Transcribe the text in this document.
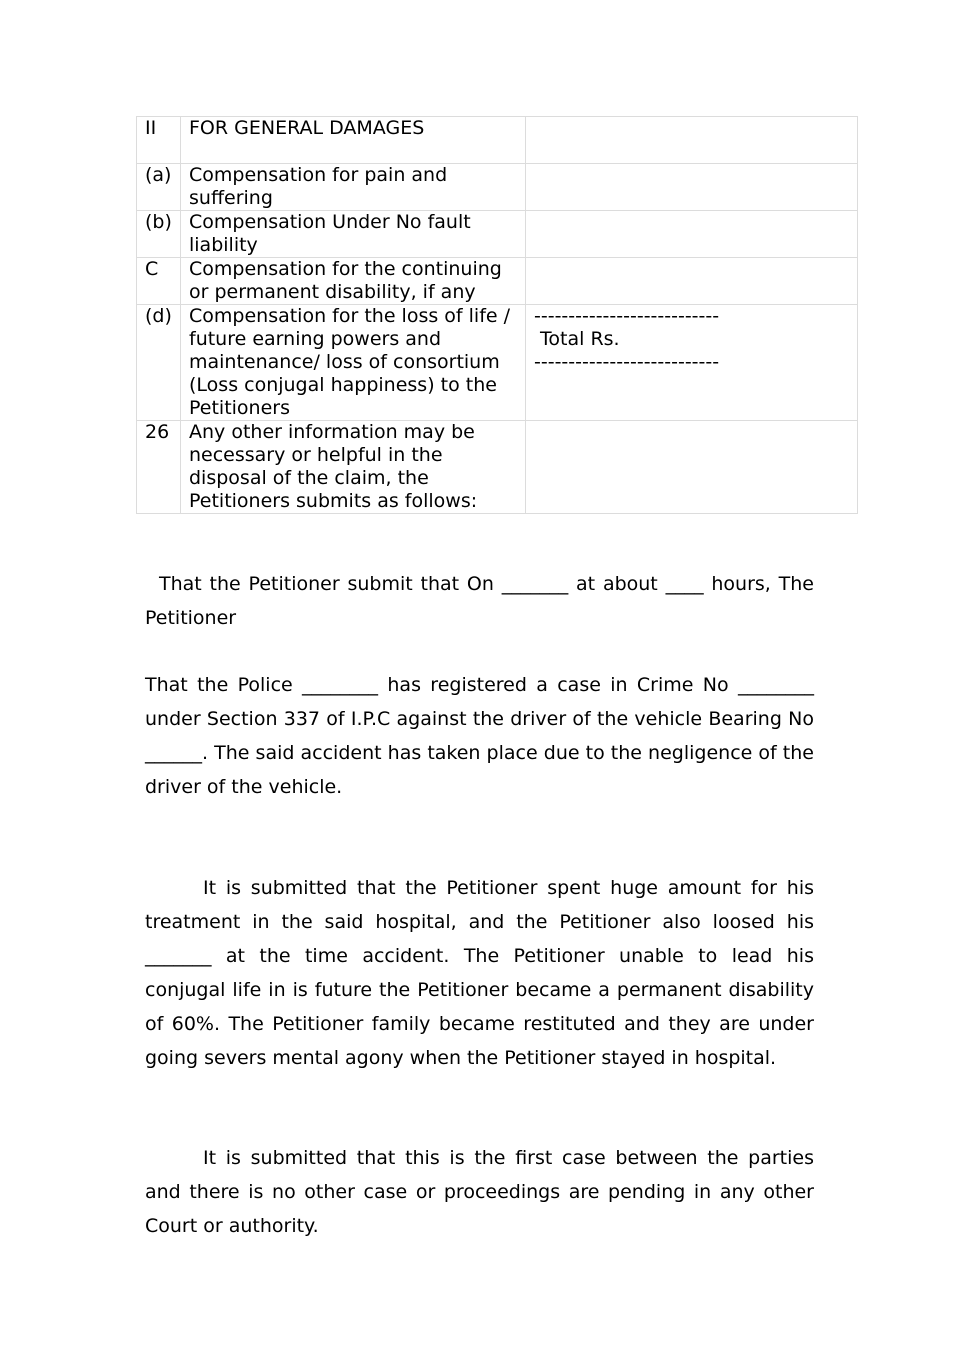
II	FOR GENERAL DAMAGES	
(a)	Compensation for pain and suffering	
(b)	Compensation Under No fault liability	
C	Compensation for the continuing or permanent disability, if any	
(d)	Compensation for the loss of life / future earning powers and maintenance/ loss of consortium (Loss conjugal happiness) to the Petitioners	---------------------------
Total Rs.
---------------------------

26	Any other information may be necessary or helpful in the disposal of the claim, the Petitioners submits as follows:	

That the Petitioner submit that On _______ at about ____ hours, The Petitioner

That the Police ________ has registered a case in Crime No ________ under Section 337 of I.P.C against the driver of the vehicle Bearing No ______. The said accident has taken place due to the negligence of the driver of the vehicle.

It is submitted that the Petitioner spent huge amount for his treatment in the said hospital, and the Petitioner also loosed his _______ at the time accident. The Petitioner unable to lead his conjugal life in is future the Petitioner became a permanent disability of 60%. The Petitioner family became restituted and they are under going severs mental agony when the Petitioner stayed in hospital.

It is submitted that this is the first case between the parties and there is no other case or proceedings are pending in any other Court or authority.
